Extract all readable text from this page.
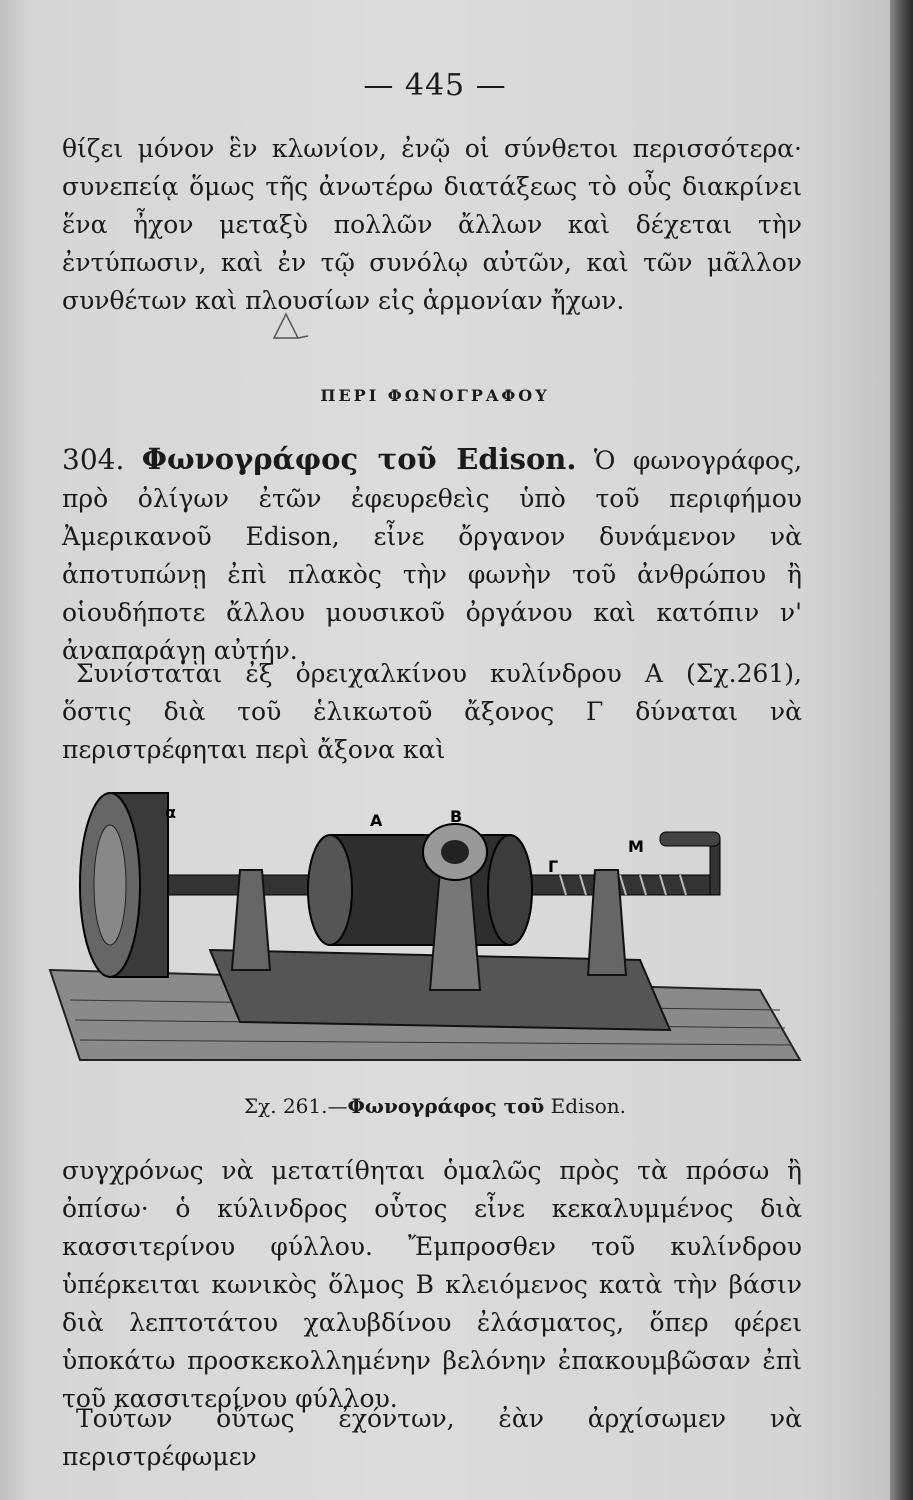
— 445 —

θίζει μόνον ἓν κλωνίον, ἐνῷ οἱ σύνθετοι περισσότερα· συνεπείᾳ ὅμως τῆς ἀνωτέρω διατάξεως τὸ οὖς διακρίνει ἕνα ἦχον μεταξὺ πολλῶν ἄλλων καὶ δέχεται τὴν ἐντύπωσιν, καὶ ἐν τῷ συνόλῳ αὐτῶν, καὶ τῶν μᾶλλον συνθέτων καὶ πλουσίων εἰς ἁρμονίαν ἤχων.

ΠΕΡΙ ΦΩΝΟΓΡΑΦΟΥ

304. Φωνογράφος τοῦ Edison. Ὁ φωνογράφος, πρὸ ὀλίγων ἐτῶν ἐφευρεθεὶς ὑπὸ τοῦ περιφήμου Ἀμερικανοῦ Edison, εἶνε ὄργανον δυνάμενον νὰ ἀποτυπώνῃ ἐπὶ πλακὸς τὴν φωνὴν τοῦ ἀνθρώπου ἢ οἱουδήποτε ἄλλου μουσικοῦ ὀργάνου καὶ κατόπιν ν' ἀναπαράγῃ αὐτήν.

Συνίσταται ἐξ ὀρειχαλκίνου κυλίνδρου Α (Σχ.261), ὅστις διὰ τοῦ ἑλικωτοῦ ἄξονος Γ δύναται νὰ περιστρέφηται περὶ ἄξονα καὶ

α	A	B
Γ
M
Σχ. 261.—Φωνογράφος τοῦ Edison.

συγχρόνως νὰ μετατίθηται ὁμαλῶς πρὸς τὰ πρόσω ἢ ὀπίσω· ὁ κύλινδρος οὗτος εἶνε κεκαλυμμένος διὰ κασσιτερίνου φύλλου. Ἔμπροσθεν τοῦ κυλίνδρου ὑπέρκειται κωνικὸς ὅλμος Β κλειόμενος κατὰ τὴν βάσιν διὰ λεπτοτάτου χαλυβδίνου ἐλάσματος, ὅπερ φέρει ὑποκάτω προσκεκολλημένην βελόνην ἐπακουμβῶσαν ἐπὶ τοῦ κασσιτερίνου φύλλου.

Τούτων οὕτως ἐχόντων, ἐὰν ἀρχίσωμεν νὰ περιστρέφωμεν
